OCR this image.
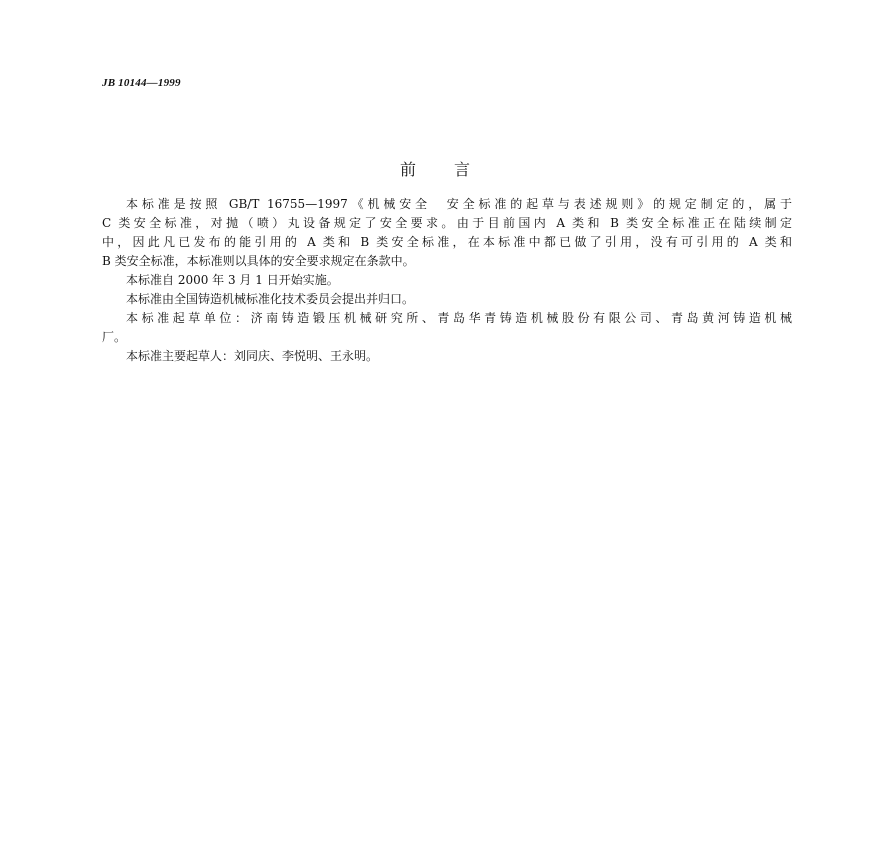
JB 10144—1999
前 言
本标准是按照 GB/T 16755—1997《机械安全　安全标准的起草与表述规则》的规定制定的，属于
C 类安全标准，对抛（喷）丸设备规定了安全要求。由于目前国内 A 类和 B 类安全标准正在陆续制定
中，因此凡已发布的能引用的 A 类和 B 类安全标准，在本标准中都已做了引用，没有可引用的 A 类和
B 类安全标准，本标准则以具体的安全要求规定在条款中。
本标准自 2000 年 3 月 1 日开始实施。
本标准由全国铸造机械标准化技术委员会提出并归口。
本标准起草单位：济南铸造锻压机械研究所、青岛华青铸造机械股份有限公司、青岛黄河铸造机械
厂。
本标准主要起草人：刘同庆、李悦明、王永明。
